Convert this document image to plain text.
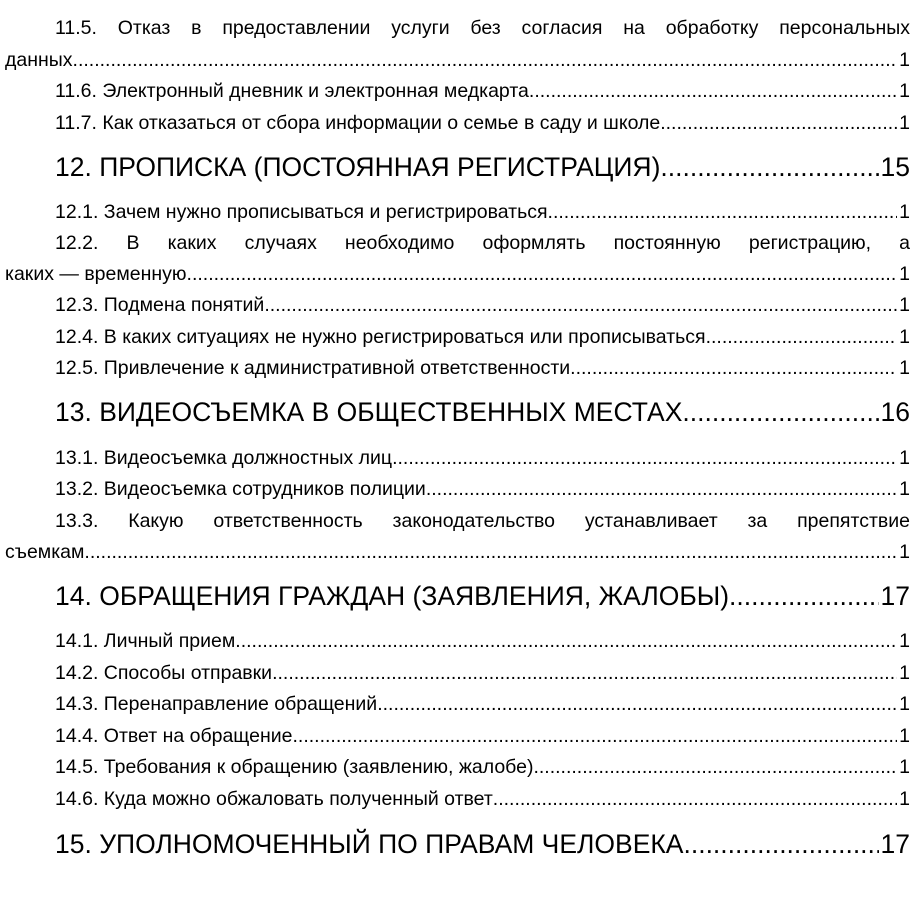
11.5. Отказ в предоставлении услуги без согласия на обработку персональных
данных .....	1
11.6. Электронный дневник и электронная медкарта .....	1
11.7. Как отказаться от сбора информации о семье в саду и школе .....	1
12. ПРОПИСКА (ПОСТОЯННАЯ РЕГИСТРАЦИЯ) .....	15
12.1. Зачем нужно прописываться и регистрироваться .....	1
12.2. В каких случаях необходимо оформлять постоянную регистрацию, а
каких — временную .....	1
12.3. Подмена понятий .....	1
12.4. В каких ситуациях не нужно регистрироваться или прописываться .....	1
12.5. Привлечение к административной ответственности .....	1
13. ВИДЕОСЪЕМКА В ОБЩЕСТВЕННЫХ МЕСТАХ .....	16
13.1. Видеосъемка должностных лиц .....	1
13.2. Видеосъемка сотрудников полиции .....	1
13.3. Какую ответственность законодательство устанавливает за препятствие
съемкам .....	1
14. ОБРАЩЕНИЯ ГРАЖДАН (ЗАЯВЛЕНИЯ, ЖАЛОБЫ) .....	17
14.1. Личный прием .....	1
14.2. Способы отправки .....	1
14.3. Перенаправление обращений .....	1
14.4. Ответ на обращение .....	1
14.5. Требования к обращению (заявлению, жалобе) .....	1
14.6. Куда можно обжаловать полученный ответ .....	1
15. УПОЛНОМОЧЕННЫЙ ПО ПРАВАМ ЧЕЛОВЕКА .....	17
